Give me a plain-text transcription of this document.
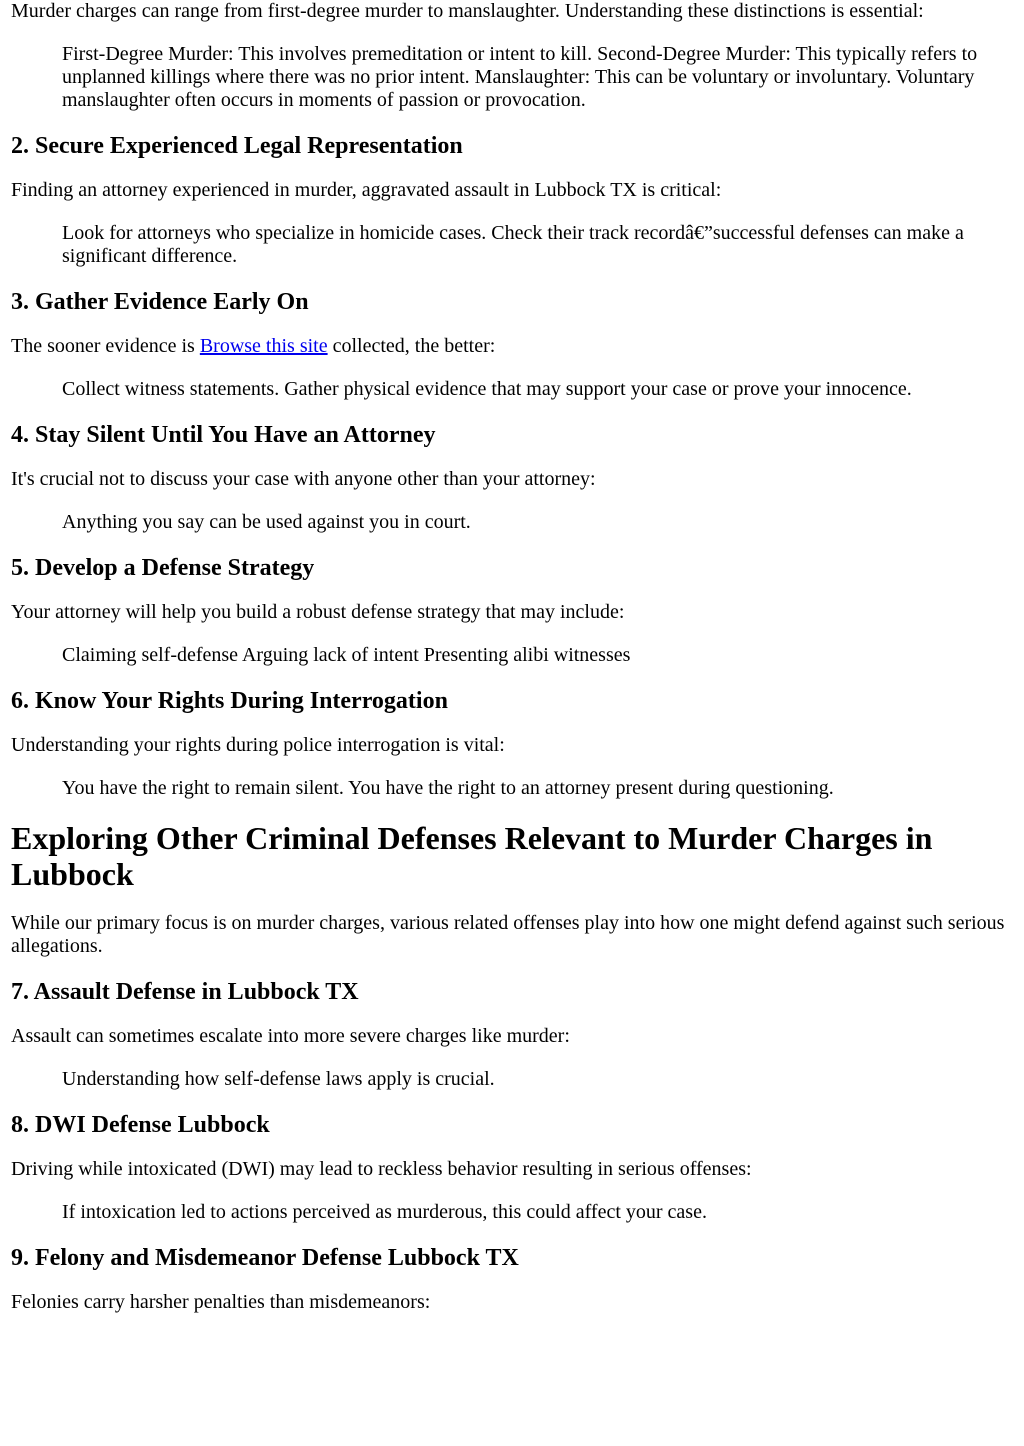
Murder charges can range from first-degree murder to manslaughter. Understanding these distinctions is essential:

First-Degree Murder: This involves premeditation or intent to kill. Second-Degree Murder: This typically refers to unplanned killings where there was no prior intent. Manslaughter: This can be voluntary or involuntary. Voluntary manslaughter often occurs in moments of passion or provocation.
2. Secure Experienced Legal Representation

Finding an attorney experienced in murder, aggravated assault in Lubbock TX is critical:

Look for attorneys who specialize in homicide cases. Check their track recordâ€”successful defenses can make a significant difference.
3. Gather Evidence Early On

The sooner evidence is Browse this site collected, the better:

Collect witness statements. Gather physical evidence that may support your case or prove your innocence.
4. Stay Silent Until You Have an Attorney

It's crucial not to discuss your case with anyone other than your attorney:

Anything you say can be used against you in court.
5. Develop a Defense Strategy

Your attorney will help you build a robust defense strategy that may include:

Claiming self-defense Arguing lack of intent Presenting alibi witnesses
6. Know Your Rights During Interrogation

Understanding your rights during police interrogation is vital:

You have the right to remain silent. You have the right to an attorney present during questioning.
Exploring Other Criminal Defenses Relevant to Murder Charges in Lubbock

While our primary focus is on murder charges, various related offenses play into how one might defend against such serious allegations.

7. Assault Defense in Lubbock TX

Assault can sometimes escalate into more severe charges like murder:

Understanding how self-defense laws apply is crucial.
8. DWI Defense Lubbock

Driving while intoxicated (DWI) may lead to reckless behavior resulting in serious offenses:

If intoxication led to actions perceived as murderous, this could affect your case.
9. Felony and Misdemeanor Defense Lubbock TX

Felonies carry harsher penalties than misdemeanors:
